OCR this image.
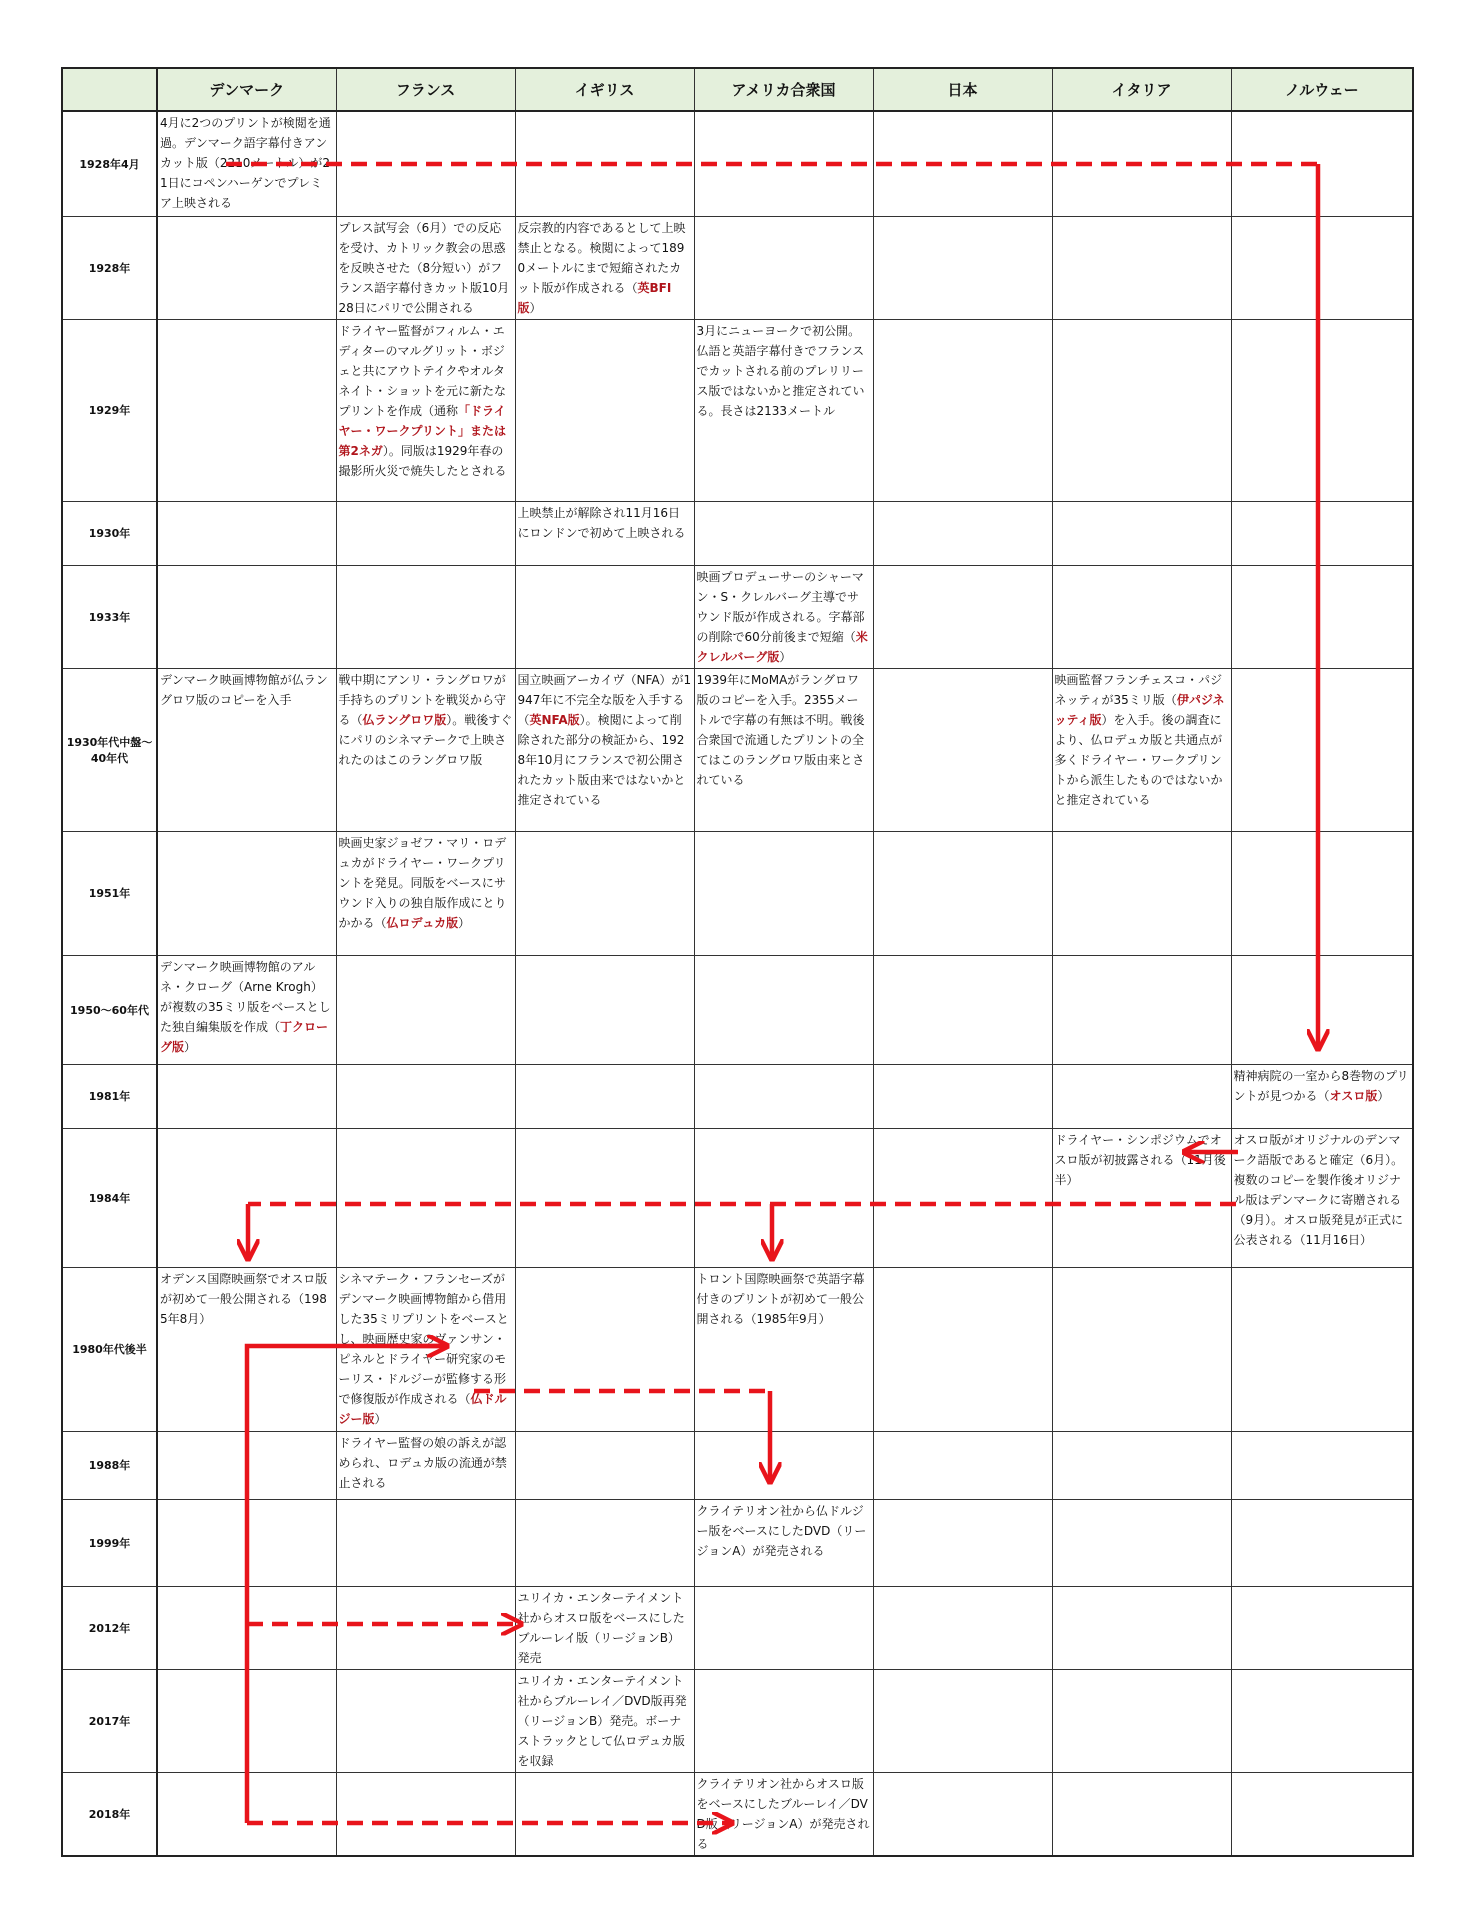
	デンマーク	フランス	イギリス	アメリカ合衆国	日本	イタリア	ノルウェー
1928年4月	4月に2つのプリントが検閲を通過。デンマーク語字幕付きアンカット版（2210メートル）が21日にコペンハーゲンでプレミア上映される						
1928年		プレス試写会（6月）での反応を受け、カトリック教会の思惑を反映させた（8分短い）がフランス語字幕付きカット版10月28日にパリで公開される	反宗教的内容であるとして上映禁止となる。検閲によって1890メートルにまで短縮されたカット版が作成される（英BFI版）				
1929年		ドライヤー監督がフィルム・エディターのマルグリット・ボジェと共にアウトテイクやオルタネイト・ショットを元に新たなプリントを作成（通称「ドライヤー・ワークプリント」または第2ネガ）。同版は1929年春の撮影所火災で焼失したとされる		3月にニューヨークで初公開。仏語と英語字幕付きでフランスでカットされる前のプレリリース版ではないかと推定されている。長さは2133メートル			
1930年			上映禁止が解除され11月16日にロンドンで初めて上映される				
1933年				映画プロデューサーのシャーマン・S・クレルバーグ主導でサウンド版が作成される。字幕部の削除で60分前後まで短縮（米クレルバーグ版）			
1930年代中盤～40年代	デンマーク映画博物館が仏ラングロワ版のコピーを入手	戦中期にアンリ・ラングロワが手持ちのプリントを戦災から守る（仏ラングロワ版）。戦後すぐにパリのシネマテークで上映されたのはこのラングロワ版	国立映画アーカイヴ（NFA）が1947年に不完全な版を入手する（英NFA版）。検閲によって削除された部分の検証から、1928年10月にフランスで初公開されたカット版由来ではないかと推定されている	1939年にMoMAがラングロワ版のコピーを入手。2355メートルで字幕の有無は不明。戦後合衆国で流通したプリントの全てはこのラングロワ版由来とされている		映画監督フランチェスコ・パジネッティが35ミリ版（伊パジネッティ版）を入手。後の調査により、仏ロデュカ版と共通点が多くドライヤー・ワークプリントから派生したものではないかと推定されている	
1951年		映画史家ジョゼフ・マリ・ロデュカがドライヤー・ワークプリントを発見。同版をベースにサウンド入りの独自版作成にとりかかる（仏ロデュカ版）					
1950～60年代	デンマーク映画博物館のアルネ・クローグ（Arne Krogh）が複数の35ミリ版をベースとした独自編集版を作成（丁クローグ版）						
1981年							精神病院の一室から8巻物のプリントが見つかる（オスロ版）
1984年						ドライヤー・シンポジウムでオスロ版が初披露される（11月後半）	オスロ版がオリジナルのデンマーク語版であると確定（6月）。複数のコピーを製作後オリジナル版はデンマークに寄贈される（9月）。オスロ版発見が正式に公表される（11月16日）
1980年代後半	オデンス国際映画祭でオスロ版が初めて一般公開される（1985年8月）	シネマテーク・フランセーズがデンマーク映画博物館から借用した35ミリプリントをベースとし、映画歴史家のヴァンサン・ピネルとドライヤー研究家のモーリス・ドルジーが監修する形で修復版が作成される（仏ドルジー版）		トロント国際映画祭で英語字幕付きのプリントが初めて一般公開される（1985年9月）			
1988年		ドライヤー監督の娘の訴えが認められ、ロデュカ版の流通が禁止される					
1999年				クライテリオン社から仏ドルジー版をベースにしたDVD（リージョンA）が発売される			
2012年			ユリイカ・エンターテイメント社からオスロ版をベースにしたブルーレイ版（リージョンB）発売				
2017年			ユリイカ・エンターテイメント社からブルーレイ／DVD版再発（リージョンB）発売。ボーナストラックとして仏ロデュカ版を収録				
2018年				クライテリオン社からオスロ版をベースにしたブルーレイ／DVD版（リージョンA）が発売される			
